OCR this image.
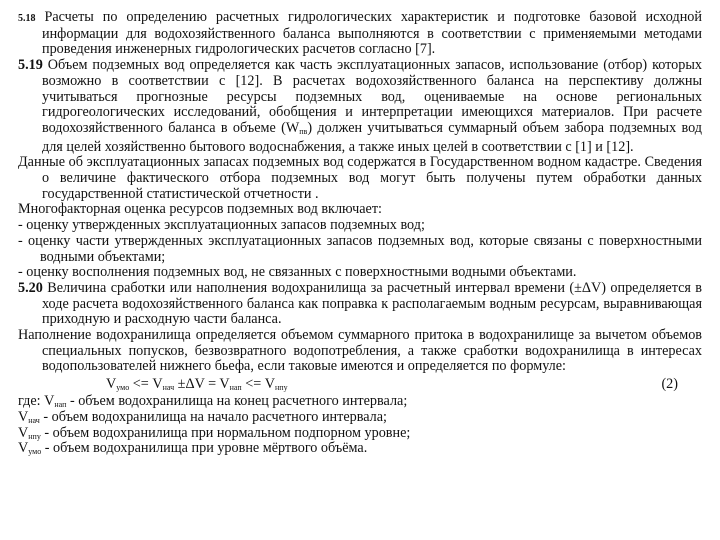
5.18 Расчеты по определению расчетных гидрологических характеристик и подготовке базовой исходной информации для водохозяйственного баланса выполняются в соответствии с применяемыми методами проведения инженерных гидрологических расчетов согласно [7].

5.19 Объем подземных вод определяется как часть эксплуатационных запасов, использование (отбор) которых возможно в соответствии с [12]. В расчетах водохозяйственного баланса на перспективу должны учитываться прогнозные ресурсы подземных вод, оцениваемые на основе региональных гидрогеологических исследований, обобщения и интерпретации имеющихся материалов. При расчете водохозяйственного баланса в объеме (Wпв) должен учитываться суммарный объем забора подземных вод для целей хозяйственно бытового водоснабжения, а также иных целей в соответствии с [1] и [12].

Данные об эксплуатационных запасах подземных вод содержатся в Государственном водном кадастре. Сведения о величине фактического отбора подземных вод могут быть получены путем обработки данных государственной статистической отчетности .

Многофакторная оценка ресурсов подземных вод включает:

- оценку утвержденных эксплуатационных запасов подземных вод;

- оценку части утвержденных эксплуатационных запасов подземных вод, которые связаны с поверхностными водными объектами;

- оценку восполнения подземных вод, не связанных с поверхностными водными объектами.

5.20 Величина сработки или наполнения водохранилища за расчетный интервал времени (±ΔV) определяется в ходе расчета водохозяйственного баланса как поправка к располагаемым водным ресурсам, выравнивающая приходную и расходную части баланса.

Наполнение водохранилища определяется объемом суммарного притока в водохранилище за вычетом объемов специальных попусков, безвозвратного водопотребления, а также сработки водохранилища в интересах водопользователей нижнего бьефа, если таковые имеются и определяется по формуле:

$V_{умо} <= V_{нач} \pm\Delta V = V_{нап} <= V_{нпу}$	(2)

где: $V_{нап}$ - объем водохранилища на конец расчетного интервала;

$V_{нач}$ - объем водохранилища на начало расчетного интервала;

$V_{нпу}$ - объем водохранилища при нормальном подпорном уровне;

$V_{умо}$ - объем водохранилища при уровне мёртвого объёма.
